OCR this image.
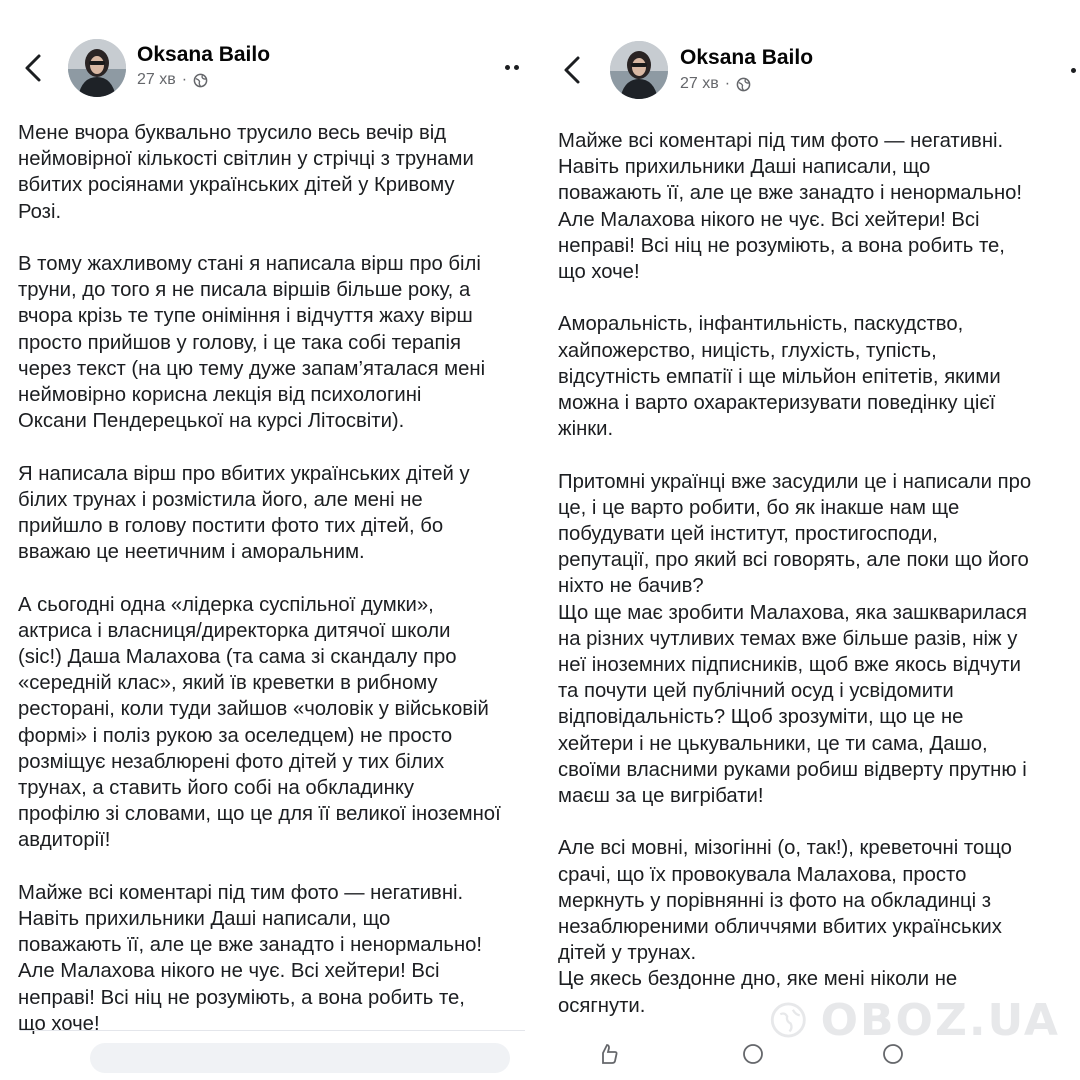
Oksana Bailo
27 хв ·

Мене вчора буквально трусило весь вечір від
неймовірної кількості світлин у стрічці з трунами
вбитих росіянами українських дітей у Кривому
Розі.

В тому жахливому стані я написала вірш про білі
труни, до того я не писала віршів більше року, а
вчора крізь те тупе оніміння і відчуття жаху вірш
просто прийшов у голову, і це така собі терапія
через текст (на цю тему дуже запам’яталася мені
неймовірно корисна лекція від психологині
Оксани Пендерецької на курсі Літосвіти).

Я написала вірш про вбитих українських дітей у
білих трунах і розмістила його, але мені не
прийшло в голову постити фото тих дітей, бо
вважаю це неетичним і аморальним.

А сьогодні одна «лідерка суспільної думки»,
актриса і власниця/директорка дитячої школи
(sic!) Даша Малахова (та сама зі скандалу про
«середній клас», який їв креветки в рибному
ресторані, коли туди зайшов «чоловік у військовій
формі» і поліз рукою за оселедцем) не просто
розміщує незаблюрені фото дітей у тих білих
трунах, а ставить його собі на обкладинку
профілю зі словами, що це для її великої іноземної
авдиторії!

Майже всі коментарі під тим фото — негативні.
Навіть прихильники Даші написали, що
поважають її, але це вже занадто і ненормально!
Але Малахова нікого не чує. Всі хейтери! Всі
неправі! Всі ніц не розуміють, а вона робить те,
що хоче!

Oksana Bailo
27 хв ·

Майже всі коментарі під тим фото — негативні.
Навіть прихильники Даші написали, що
поважають її, але це вже занадто і ненормально!
Але Малахова нікого не чує. Всі хейтери! Всі
неправі! Всі ніц не розуміють, а вона робить те,
що хоче!

Аморальність, інфантильність, паскудство,
хайпожерство, ницість, глухість, тупість,
відсутність емпатії і ще мільйон епітетів, якими
можна і варто охарактеризувати поведінку цієї
жінки.

Притомні українці вже засудили це і написали про
це, і це варто робити, бо як інакше нам ще
побудувати цей інститут, простигосподи,
репутації, про який всі говорять, але поки що його
ніхто не бачив?
Що ще має зробити Малахова, яка зашкварилася
на різних чутливих темах вже більше разів, ніж у
неї іноземних підписників, щоб вже якось відчути
та почути цей публічний осуд і усвідомити
відповідальність? Щоб зрозуміти, що це не
хейтери і не цькувальники, це ти сама, Дашо,
своїми власними руками робиш відверту прутню і
маєш за це вигрібати!

Але всі мовні, мізогінні (о, так!), креветочні тощо
срачі, що їх провокувала Малахова, просто
меркнуть у порівнянні із фото на обкладинці з
незаблюреними обличчями вбитих українських
дітей у трунах.
Це якесь бездонне дно, яке мені ніколи не
осягнути.	OBOZ.UA
